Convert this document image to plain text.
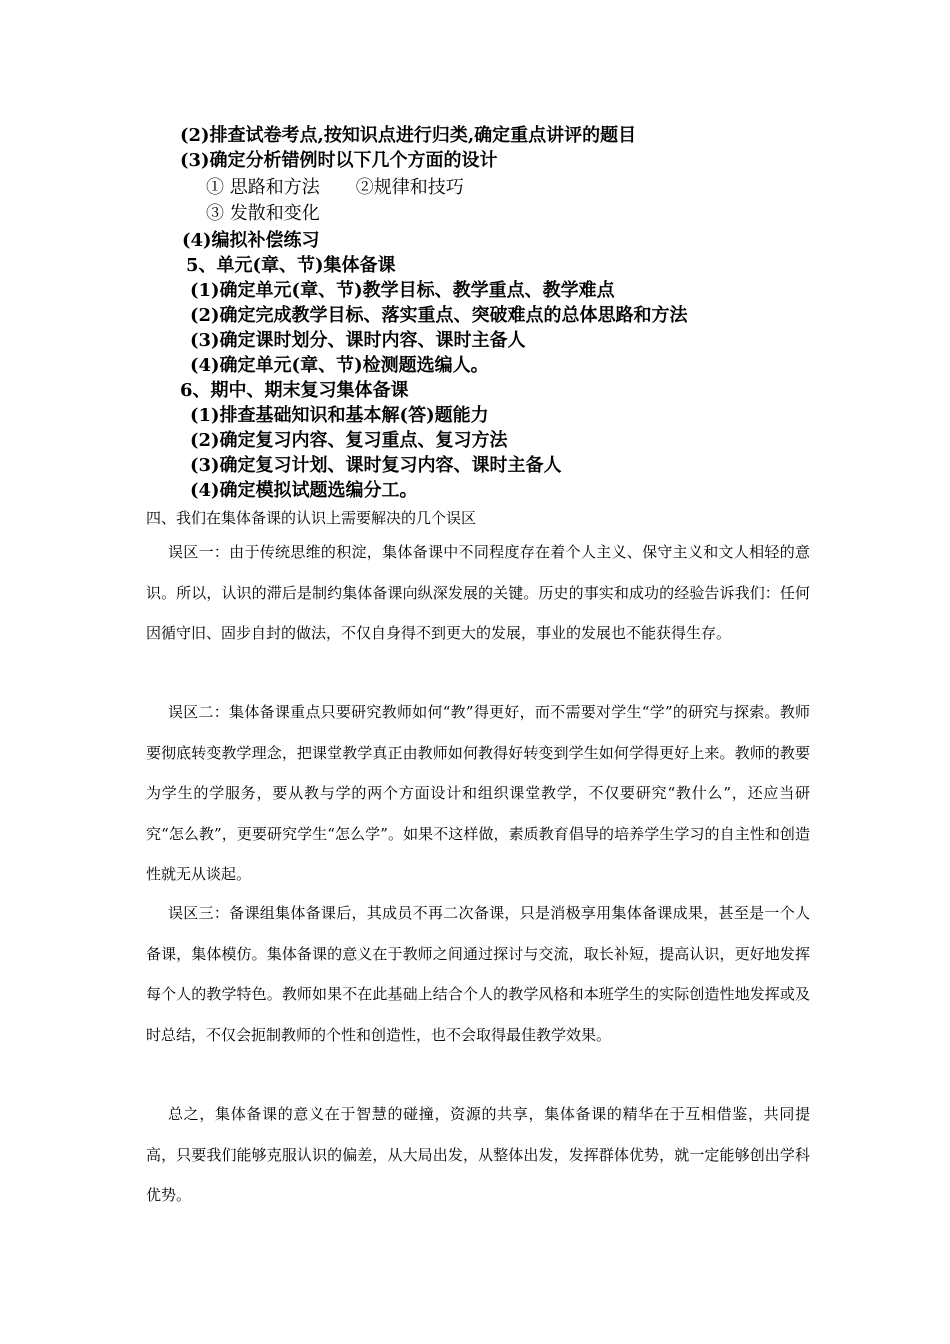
(2)排查试卷考点,按知识点进行归类,确定重点讲评的题目
(3)确定分析错例时以下几个方面的设计
① 思路和方法　　②规律和技巧
③ 发散和变化
(4)编拟补偿练习
5、单元(章、节)集体备课
(1)确定单元(章、节)教学目标、教学重点、教学难点
(2)确定完成教学目标、落实重点、突破难点的总体思路和方法
(3)确定课时划分、课时内容、课时主备人
(4)确定单元(章、节)检测题选编人。
6、期中、期末复习集体备课
(1)排查基础知识和基本解(答)题能力
(2)确定复习内容、复习重点、复习方法
(3)确定复习计划、课时复习内容、课时主备人
(4)确定模拟试题选编分工。
四、我们在集体备课的认识上需要解决的几个误区
误区一：由于传统思维的积淀，集体备课中不同程度存在着个人主义、保守主义和文人相轻的意识。所以，认识的滞后是制约集体备课向纵深发展的关键。历史的事实和成功的经验告诉我们：任何因循守旧、固步自封的做法，不仅自身得不到更大的发展，事业的发展也不能获得生存。
误区二：集体备课重点只要研究教师如何“教”得更好，而不需要对学生“学”的研究与探索。教师要彻底转变教学理念，把课堂教学真正由教师如何教得好转变到学生如何学得更好上来。教师的教要为学生的学服务，要从教与学的两个方面设计和组织课堂教学，不仅要研究“教什么”，还应当研究“怎么教”，更要研究学生“怎么学”。如果不这样做，素质教育倡导的培养学生学习的自主性和创造性就无从谈起。
误区三：备课组集体备课后，其成员不再二次备课，只是消极享用集体备课成果，甚至是一个人备课，集体模仿。集体备课的意义在于教师之间通过探讨与交流，取长补短，提高认识，更好地发挥每个人的教学特色。教师如果不在此基础上结合个人的教学风格和本班学生的实际创造性地发挥或及时总结，不仅会扼制教师的个性和创造性，也不会取得最佳教学效果。
总之，集体备课的意义在于智慧的碰撞，资源的共享，集体备课的精华在于互相借鉴，共同提高，只要我们能够克服认识的偏差，从大局出发，从整体出发，发挥群体优势，就一定能够创出学科优势。
